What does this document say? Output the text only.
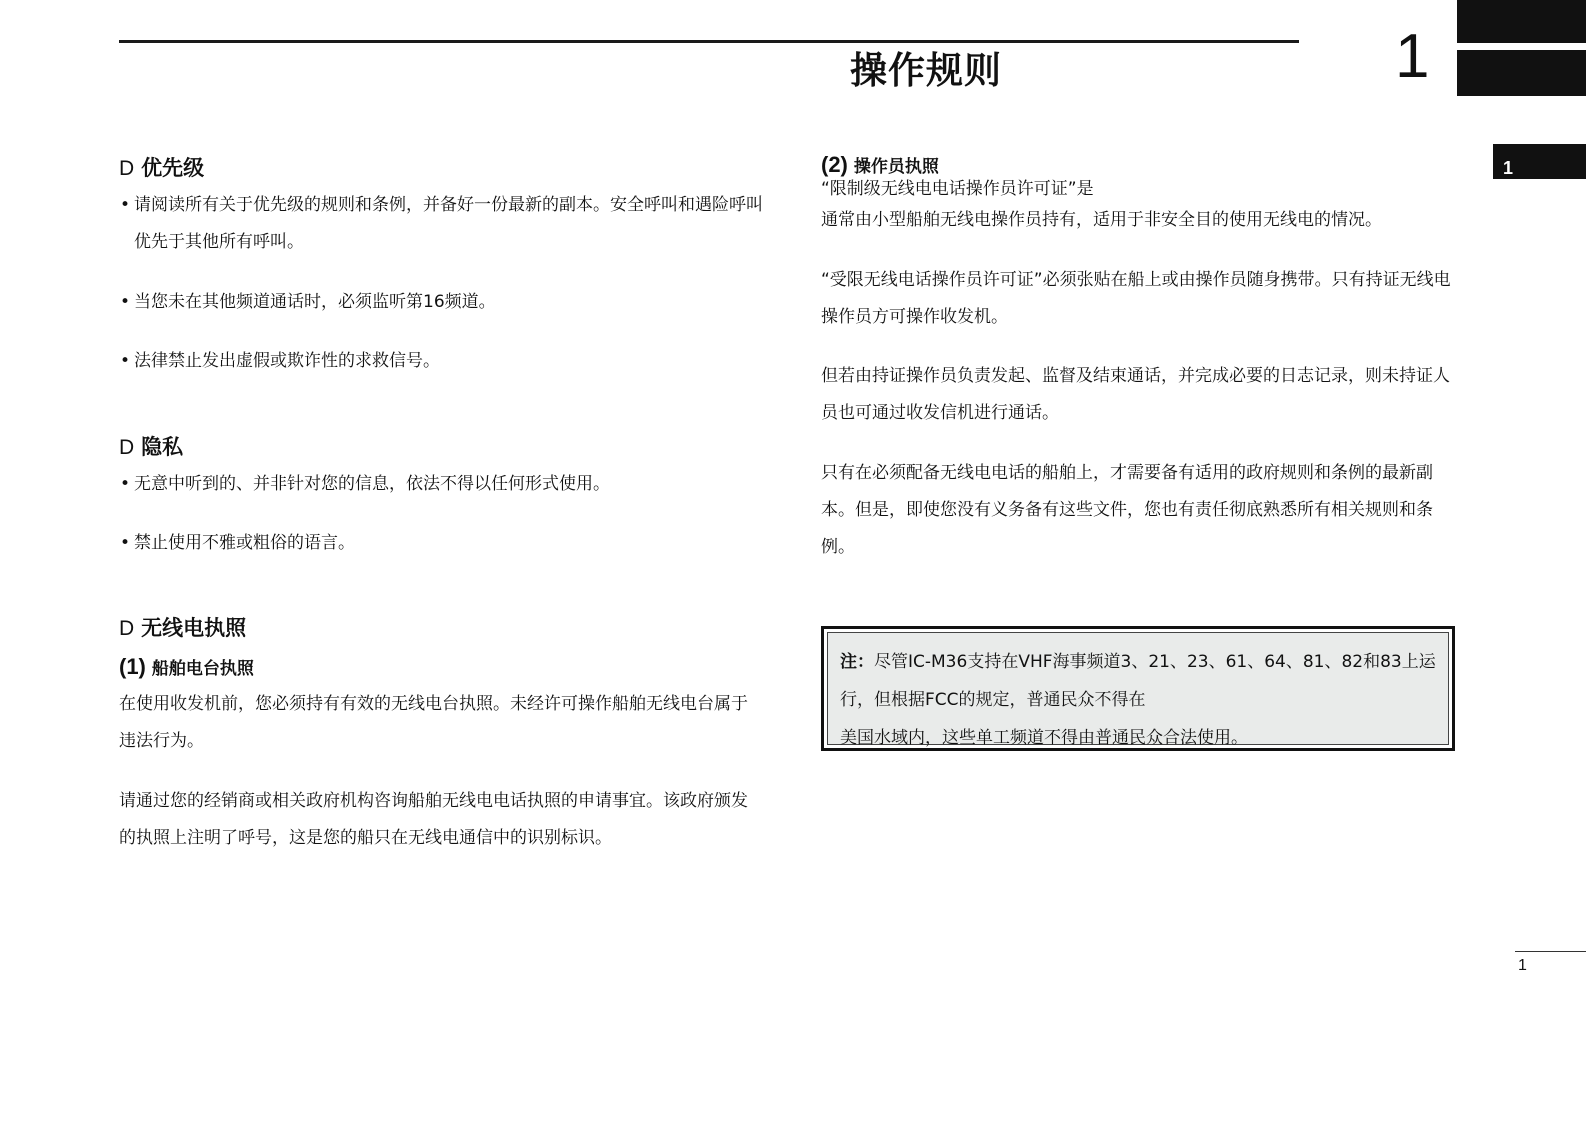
操作规则	1
1
D 优先级
• 请阅读所有关于优先级的规则和条例，并备好一份最新的副本。安全呼叫和遇险呼叫优先于其他所有呼叫。
• 当您未在其他频道通话时，必须监听第16频道。
• 法律禁止发出虚假或欺诈性的求救信号。
D 隐私
• 无意中听到的、并非针对您的信息，依法不得以任何形式使用。
• 禁止使用不雅或粗俗的语言。
D 无线电执照
(1) 船舶电台执照
在使用收发机前，您必须持有有效的无线电台执照。未经许可操作船舶无线电台属于违法行为。
请通过您的经销商或相关政府机构咨询船舶无线电电话执照的申请事宜。该政府颁发的执照上注明了呼号，这是您的船只在无线电通信中的识别标识。
(2) 操作员执照
“限制级无线电电话操作员许可证”是
通常由小型船舶无线电操作员持有，适用于非安全目的使用无线电的情况。
“受限无线电话操作员许可证”必须张贴在船上或由操作员随身携带。只有持证无线电操作员方可操作收发机。
但若由持证操作员负责发起、监督及结束通话，并完成必要的日志记录，则未持证人员也可通过收发信机进行通话。
只有在必须配备无线电电话的船舶上，才需要备有适用的政府规则和条例的最新副本。但是，即使您没有义务备有这些文件，您也有责任彻底熟悉所有相关规则和条例。
注：尽管IC-M36支持在VHF海事频道3、21、23、61、64、81、82和83上运行，但根据FCC的规定，普通民众不得在
美国水域内，这些单工频道不得由普通民众合法使用。
1
